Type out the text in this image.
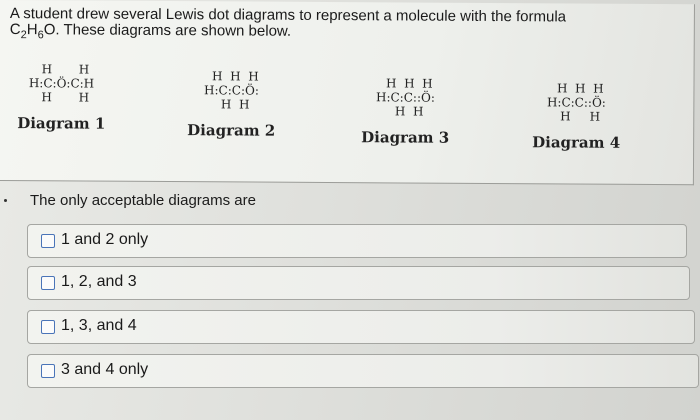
A student drew several Lewis dot diagrams to represent a molecule with the formula
$C_2H_6O$. These diagrams are shown below.
H       H
H:C:Ö:C:H
H       H
Diagram 1
H  H  H
H:C:C:Ö:
H  H
Diagram 2
H  H  H
H:C:C::Ö:
H  H
Diagram 3
H  H  H
H:C:C::Ö:
H     H
Diagram 4
The only acceptable diagrams are
1 and 2 only
1, 2, and 3
1, 3, and 4
3 and 4 only
